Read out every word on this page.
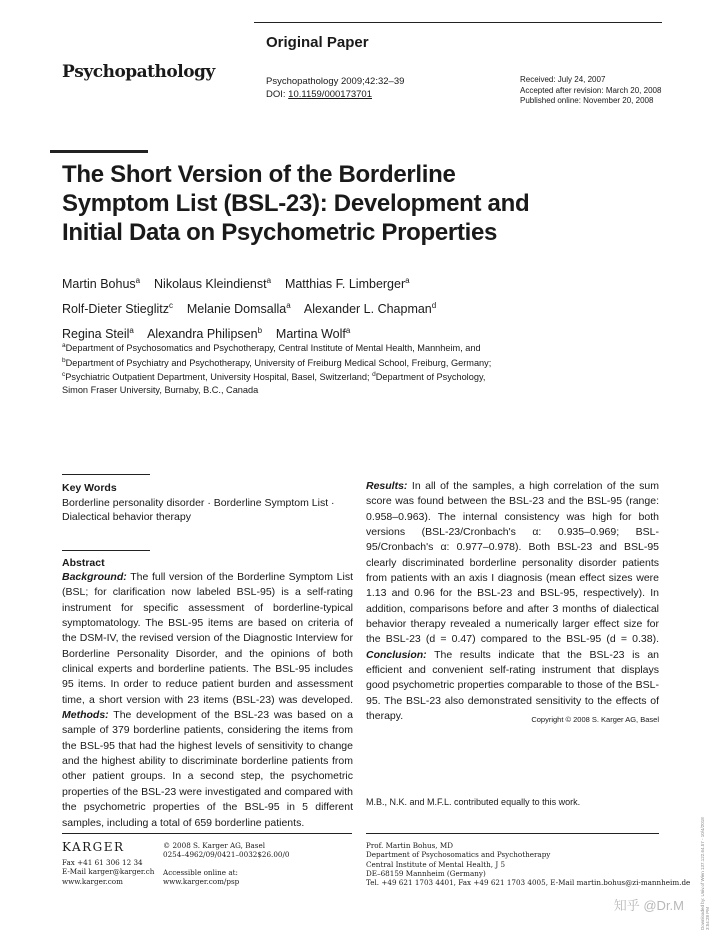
Original Paper
Psychopathology	Psychopathology 2009;42:32–39
DOI: 10.1159/000173701
Received: July 24, 2007
Accepted after revision: March 20, 2008
Published online: November 20, 2008
The Short Version of the Borderline
Symptom List (BSL-23): Development and
Initial Data on Psychometric Properties
Martin Bohus$^a$ Nikolaus Kleindienst$^a$ Matthias F. Limberger$^a$
Rolf-Dieter Stieglitz$^c$ Melanie Domsalla$^a$ Alexander L. Chapman$^d$
Regina Steil$^a$ Alexandra Philipsen$^b$ Martina Wolf$^a$
$^a$Department of Psychosomatics and Psychotherapy, Central Institute of Mental Health, Mannheim, and
$^b$Department of Psychiatry and Psychotherapy, University of Freiburg Medical School, Freiburg, Germany;
$^c$Psychiatric Outpatient Department, University Hospital, Basel, Switzerland; $^d$Department of Psychology,
Simon Fraser University, Burnaby, B.C., Canada
Key Words
Borderline personality disorder · Borderline Symptom List ·
Dialectical behavior therapy
Abstract
Background: The full version of the Borderline Symptom List (BSL; for clarification now labeled BSL-95) is a self-rating instrument for specific assessment of borderline-typical symptomatology. The BSL-95 items are based on criteria of the DSM-IV, the revised version of the Diagnostic Interview for Borderline Personality Disorder, and the opinions of both clinical experts and borderline patients. The BSL-95 includes 95 items. In order to reduce patient burden and assessment time, a short version with 23 items (BSL-23) was developed. Methods: The development of the BSL-23 was based on a sample of 379 borderline patients, considering the items from the BSL-95 that had the highest levels of sensitivity to change and the highest ability to discriminate borderline patients from other patient groups. In a second step, the psychometric properties of the BSL-23 were investigated and compared with the psychometric properties of the BSL-95 in 5 different samples, including a total of 659 borderline patients.
Results: In all of the samples, a high correlation of the sum score was found between the BSL-23 and the BSL-95 (range: 0.958–0.963). The internal consistency was high for both versions (BSL-23/Cronbach's α: 0.935–0.969; BSL-95/Cronbach's α: 0.977–0.978). Both BSL-23 and BSL-95 clearly discriminated borderline personality disorder patients from patients with an axis I diagnosis (mean effect sizes were 1.13 and 0.96 for the BSL-23 and BSL-95, respectively). In addition, comparisons before and after 3 months of dialectical behavior therapy revealed a numerically larger effect size for the BSL-23 (d = 0.47) compared to the BSL-95 (d = 0.38). Conclusion: The results indicate that the BSL-23 is an efficient and convenient self-rating instrument that displays good psychometric properties comparable to those of the BSL-95. The BSL-23 also demonstrated sensitivity to the effects of therapy.	Copyright © 2008 S. Karger AG, Basel
M.B., N.K. and M.F.L. contributed equally to this work.
KARGER
Fax +41 61 306 12 34
E-Mail karger@karger.ch
www.karger.com
© 2008 S. Karger AG, Basel
0254–4962/09/0421–0032$26.00/0
Accessible online at:
www.karger.com/psp
Prof. Martin Bohus, MD
Department of Psychosomatics and Psychotherapy
Central Institute of Mental Health, J 5
DE–68159 Mannheim (Germany)
Tel. +49 621 1703 4401, Fax +49 621 1703 4005, E-Mail martin.bohus@zi-mannheim.de
知乎 @Dr.M	Downloaded by: Univ.of Wien 137.122.64.57 - 10/4/2018 3:54:28 PM
